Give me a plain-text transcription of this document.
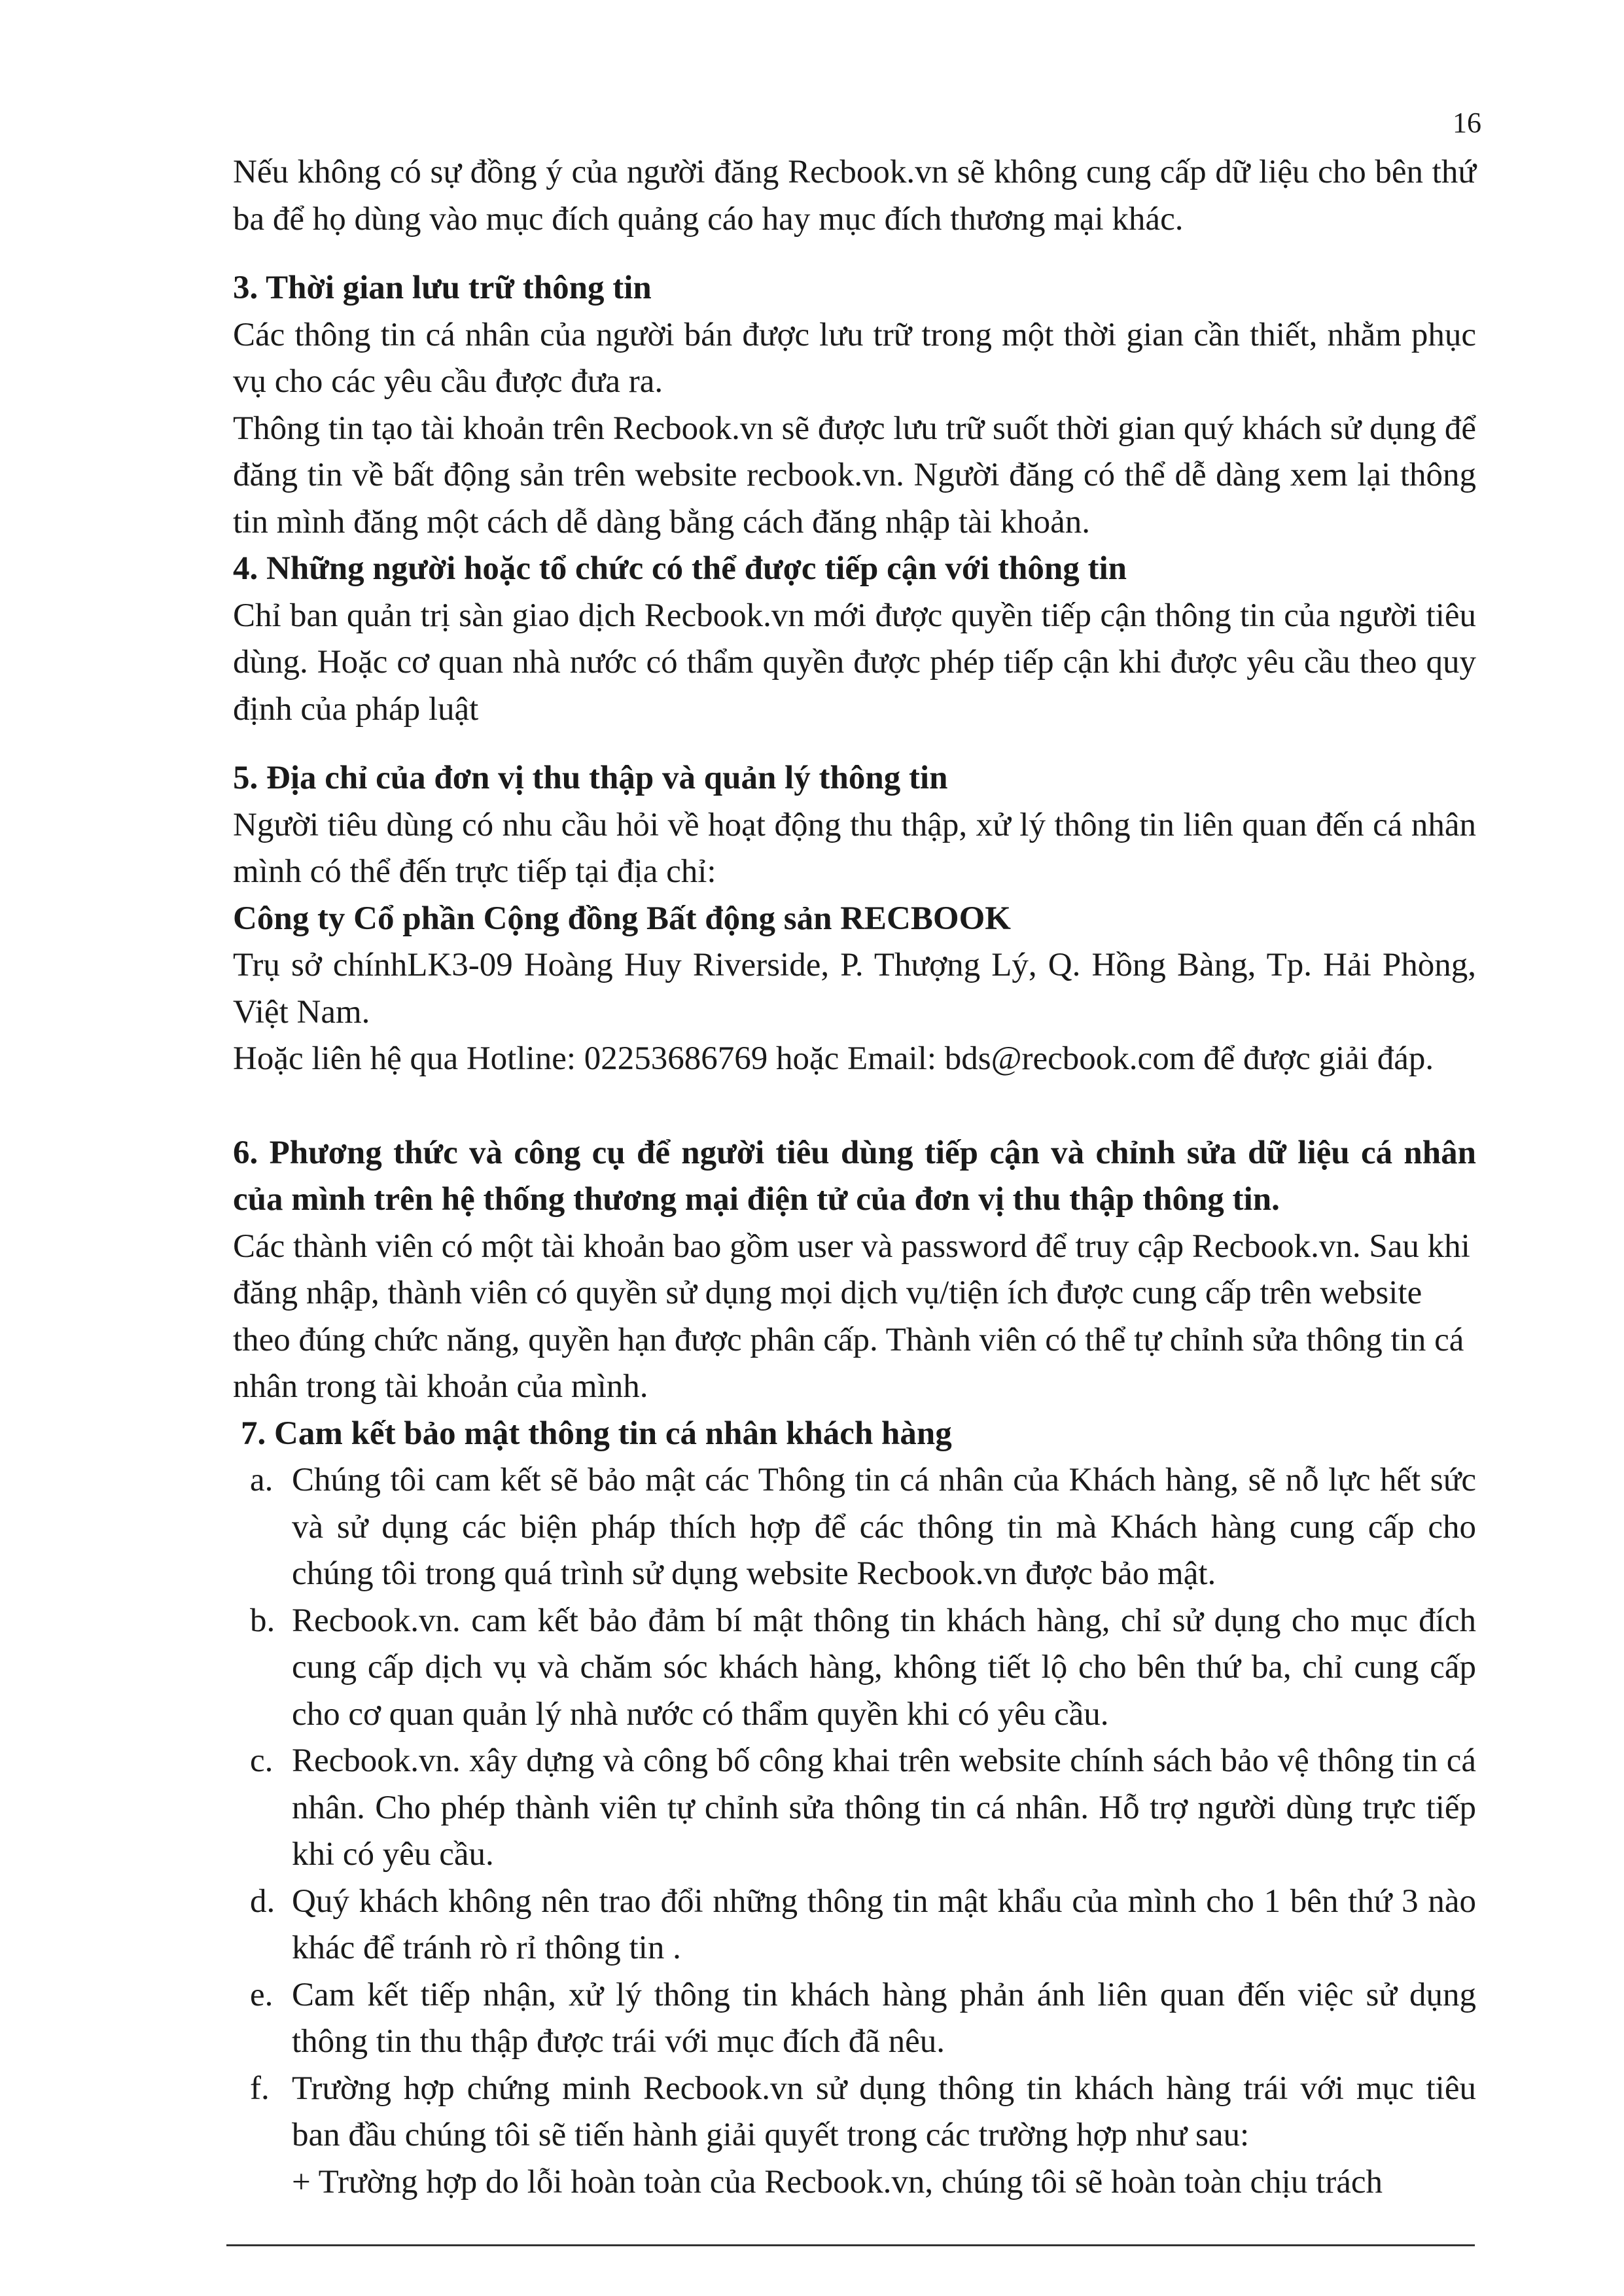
16

Nếu không có sự đồng ý của người đăng Recbook.vn sẽ không cung cấp dữ liệu cho bên thứ ba để họ dùng vào mục đích quảng cáo hay mục đích thương mại khác.

3. Thời gian lưu trữ thông tin

Các thông tin cá nhân của người bán được lưu trữ trong một thời gian cần thiết, nhằm phục vụ cho các yêu cầu được đưa ra.

Thông tin tạo tài khoản trên Recbook.vn sẽ được lưu trữ suốt thời gian quý khách sử dụng để đăng tin về bất động sản trên website recbook.vn. Người đăng có thể dễ dàng xem lại thông tin mình đăng một cách dễ dàng bằng cách đăng nhập tài khoản.

4. Những người hoặc tổ chức có thể được tiếp cận với thông tin

Chỉ ban quản trị sàn giao dịch Recbook.vn mới được quyền tiếp cận thông tin của người tiêu dùng. Hoặc cơ quan nhà nước có thẩm quyền được phép tiếp cận khi được yêu cầu theo quy định của pháp luật

5. Địa chỉ của đơn vị thu thập và quản lý thông tin

Người tiêu dùng có nhu cầu hỏi về hoạt động thu thập, xử lý thông tin liên quan đến cá nhân mình có thể đến trực tiếp tại địa chỉ:

Công ty Cổ phần Cộng đồng Bất động sản RECBOOK

Trụ sở chínhLK3-09 Hoàng Huy Riverside, P. Thượng Lý, Q. Hồng Bàng, Tp. Hải Phòng, Việt Nam.

Hoặc liên hệ qua Hotline: 02253686769 hoặc Email: bds@recbook.com để được giải đáp.

6. Phương thức và công cụ để người tiêu dùng tiếp cận và chỉnh sửa dữ liệu cá nhân của mình trên hệ thống thương mại điện tử của đơn vị thu thập thông tin.

Các thành viên có một tài khoản bao gồm user và password để truy cập Recbook.vn. Sau khi đăng nhập, thành viên có quyền sử dụng mọi dịch vụ/tiện ích được cung cấp trên website theo đúng chức năng, quyền hạn được phân cấp. Thành viên có thể tự chỉnh sửa thông tin cá nhân trong tài khoản của mình.

7. Cam kết bảo mật thông tin cá nhân khách hàng
a. Chúng tôi cam kết sẽ bảo mật các Thông tin cá nhân của Khách hàng, sẽ nỗ lực hết sức và sử dụng các biện pháp thích hợp để các thông tin mà Khách hàng cung cấp cho chúng tôi trong quá trình sử dụng website Recbook.vn được bảo mật.
b. Recbook.vn. cam kết bảo đảm bí mật thông tin khách hàng, chỉ sử dụng cho mục đích cung cấp dịch vụ và chăm sóc khách hàng, không tiết lộ cho bên thứ ba, chỉ cung cấp cho cơ quan quản lý nhà nước có thẩm quyền khi có yêu cầu.
c. Recbook.vn. xây dựng và công bố công khai trên website chính sách bảo vệ thông tin cá nhân. Cho phép thành viên tự chỉnh sửa thông tin cá nhân. Hỗ trợ người dùng trực tiếp khi có yêu cầu.
d. Quý khách không nên trao đổi những thông tin mật khẩu của mình cho 1 bên thứ 3 nào khác để tránh rò rỉ thông tin .
e. Cam kết tiếp nhận, xử lý thông tin khách hàng phản ánh liên quan đến việc sử dụng thông tin thu thập được trái với mục đích đã nêu.
f. Trường hợp chứng minh Recbook.vn sử dụng thông tin khách hàng trái với mục tiêu ban đầu chúng tôi sẽ tiến hành giải quyết trong các trường hợp như sau:
+ Trường hợp do lỗi hoàn toàn của Recbook.vn, chúng tôi sẽ hoàn toàn chịu trách
